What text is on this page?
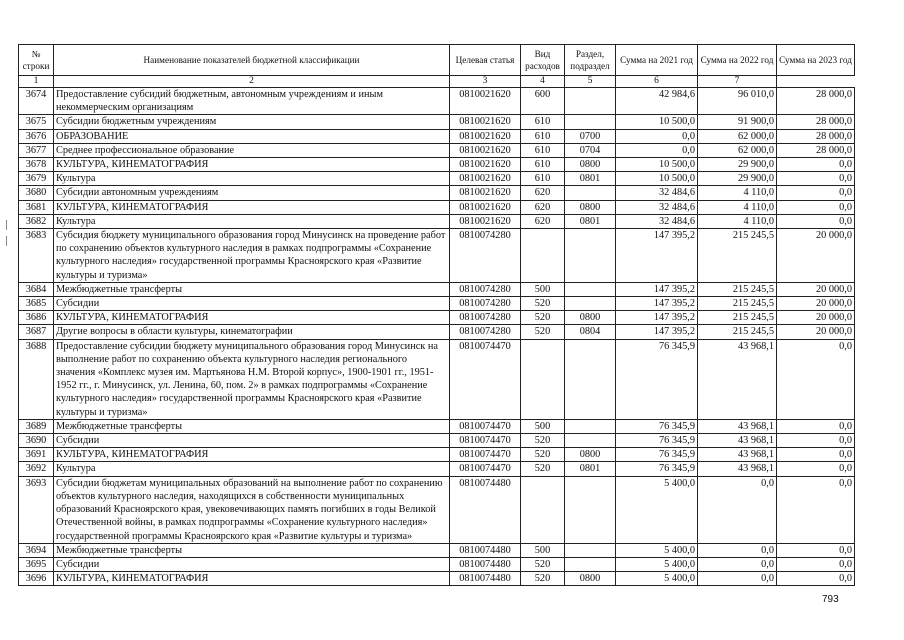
№ строки	Наименование показателей бюджетной классификации	Целевая статья	Вид расходов	Раздел, подраздел	Сумма на 2021 год	Сумма на 2022 год	Сумма на 2023 год
1	2	3	4	5	6	7	
3674	Предоставление субсидий бюджетным, автономным учреждениям и иным некоммерческим организациям	0810021620	600		42 984,6	96 010,0	28 000,0
3675	Субсидии бюджетным учреждениям	0810021620	610		10 500,0	91 900,0	28 000,0
3676	ОБРАЗОВАНИЕ	0810021620	610	0700	0,0	62 000,0	28 000,0
3677	Среднее профессиональное образование	0810021620	610	0704	0,0	62 000,0	28 000,0
3678	КУЛЬТУРА, КИНЕМАТОГРАФИЯ	0810021620	610	0800	10 500,0	29 900,0	0,0
3679	Культура	0810021620	610	0801	10 500,0	29 900,0	0,0
3680	Субсидии автономным учреждениям	0810021620	620		32 484,6	4 110,0	0,0
3681	КУЛЬТУРА, КИНЕМАТОГРАФИЯ	0810021620	620	0800	32 484,6	4 110,0	0,0
3682	Культура	0810021620	620	0801	32 484,6	4 110,0	0,0
3683	Субсидия бюджету муниципального образования город Минусинск на проведение работ по сохранению объектов культурного наследия в рамках подпрограммы «Сохранение культурного наследия» государственной программы Красноярского края «Развитие культуры и туризма»	0810074280			147 395,2	215 245,5	20 000,0
3684	Межбюджетные трансферты	0810074280	500		147 395,2	215 245,5	20 000,0
3685	Субсидии	0810074280	520		147 395,2	215 245,5	20 000,0
3686	КУЛЬТУРА, КИНЕМАТОГРАФИЯ	0810074280	520	0800	147 395,2	215 245,5	20 000,0
3687	Другие вопросы в области культуры, кинематографии	0810074280	520	0804	147 395,2	215 245,5	20 000,0
3688	Предоставление субсидии бюджету муниципального образования город Минусинск на выполнение работ по сохранению объекта культурного наследия регионального значения «Комплекс музея им. Мартьянова Н.М. Второй корпус», 1900-1901 гг., 1951-1952 гг., г. Минусинск, ул. Ленина, 60, пом. 2» в рамках подпрограммы «Сохранение культурного наследия» государственной программы Красноярского края «Развитие культуры и туризма»	0810074470			76 345,9	43 968,1	0,0
3689	Межбюджетные трансферты	0810074470	500		76 345,9	43 968,1	0,0
3690	Субсидии	0810074470	520		76 345,9	43 968,1	0,0
3691	КУЛЬТУРА, КИНЕМАТОГРАФИЯ	0810074470	520	0800	76 345,9	43 968,1	0,0
3692	Культура	0810074470	520	0801	76 345,9	43 968,1	0,0
3693	Субсидии бюджетам муниципальных образований на выполнение работ по сохранению объектов культурного наследия, находящихся в собственности муниципальных образований Красноярского края, увековечивающих память погибших в годы Великой Отечественной войны, в рамках подпрограммы «Сохранение культурного наследия» государственной программы Красноярского края «Развитие культуры и туризма»	0810074480			5 400,0	0,0	0,0
3694	Межбюджетные трансферты	0810074480	500		5 400,0	0,0	0,0
3695	Субсидии	0810074480	520		5 400,0	0,0	0,0
3696	КУЛЬТУРА, КИНЕМАТОГРАФИЯ	0810074480	520	0800	5 400,0	0,0	0,0
793
